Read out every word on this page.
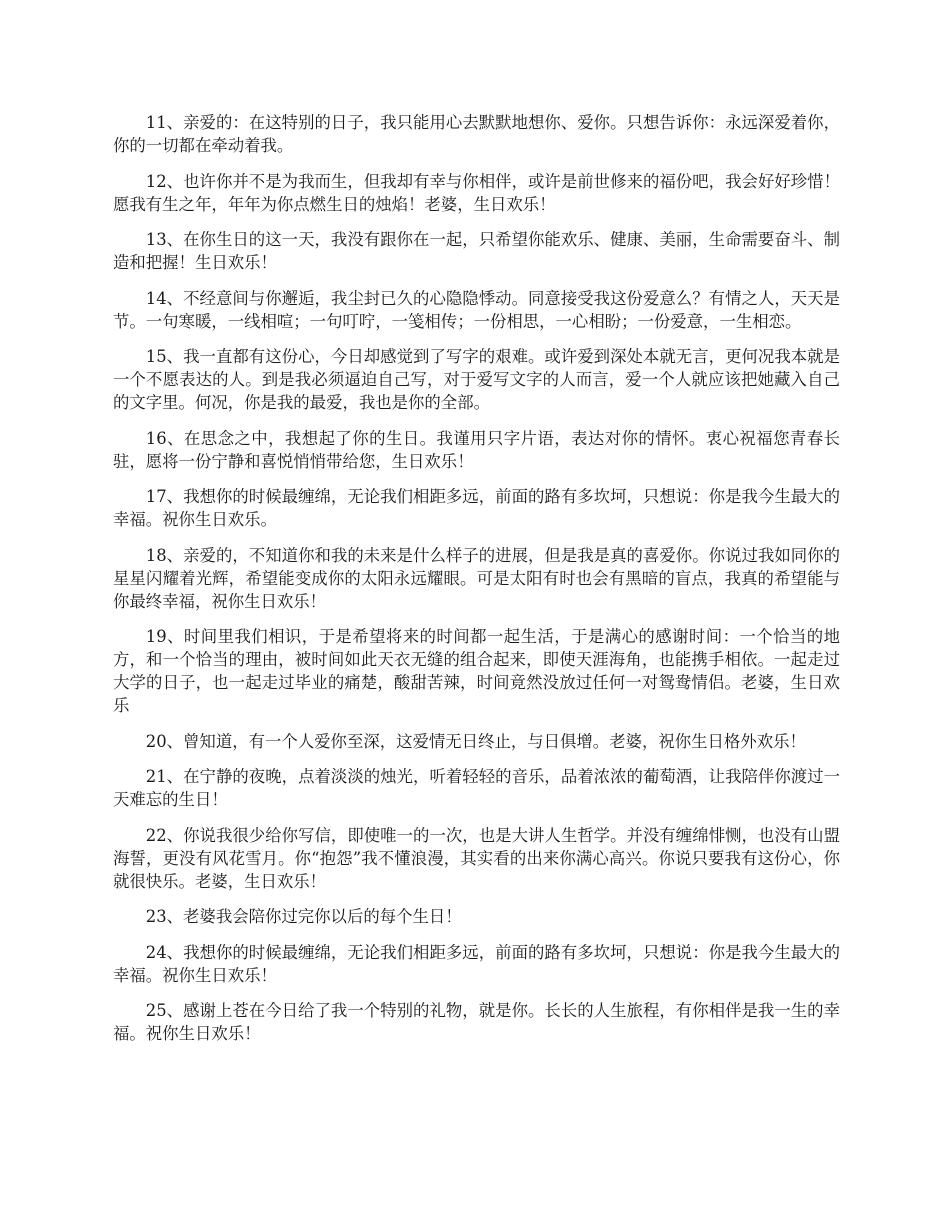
11、亲爱的：在这特别的日子，我只能用心去默默地想你、爱你。只想告诉你：永远深爱着你，你的一切都在牵动着我。

12、也许你并不是为我而生，但我却有幸与你相伴，或许是前世修来的福份吧，我会好好珍惜！愿我有生之年，年年为你点燃生日的烛焰！老婆，生日欢乐！

13、在你生日的这一天，我没有跟你在一起，只希望你能欢乐、健康、美丽，生命需要奋斗、制造和把握！生日欢乐！

14、不经意间与你邂逅，我尘封已久的心隐隐悸动。同意接受我这份爱意么？有情之人，天天是节。一句寒暖，一线相喧；一句叮咛，一笺相传；一份相思，一心相盼；一份爱意，一生相恋。

15、我一直都有这份心，今日却感觉到了写字的艰难。或许爱到深处本就无言，更何况我本就是一个不愿表达的人。到是我必须逼迫自己写，对于爱写文字的人而言，爱一个人就应该把她藏入自己的文字里。何况，你是我的最爱，我也是你的全部。

16、在思念之中，我想起了你的生日。我谨用只字片语，表达对你的情怀。衷心祝福您青春长驻，愿将一份宁静和喜悦悄悄带给您，生日欢乐！

17、我想你的时候最缠绵，无论我们相距多远，前面的路有多坎坷，只想说：你是我今生最大的幸福。祝你生日欢乐。

18、亲爱的，不知道你和我的未来是什么样子的进展，但是我是真的喜爱你。你说过我如同你的星星闪耀着光辉，希望能变成你的太阳永远耀眼。可是太阳有时也会有黑暗的盲点，我真的希望能与你最终幸福，祝你生日欢乐！

19、时间里我们相识，于是希望将来的时间都一起生活，于是满心的感谢时间：一个恰当的地方，和一个恰当的理由，被时间如此天衣无缝的组合起来，即使天涯海角，也能携手相依。一起走过大学的日子，也一起走过毕业的痛楚，酸甜苦辣，时间竟然没放过任何一对鸳鸯情侣。老婆，生日欢乐

20、曾知道，有一个人爱你至深，这爱情无日终止，与日俱增。老婆，祝你生日格外欢乐！

21、在宁静的夜晚，点着淡淡的烛光，听着轻轻的音乐，品着浓浓的葡萄酒，让我陪伴你渡过一天难忘的生日！

22、你说我很少给你写信，即使唯一的一次，也是大讲人生哲学。并没有缠绵悱恻，也没有山盟海誓，更没有风花雪月。你“抱怨”我不懂浪漫，其实看的出来你满心高兴。你说只要我有这份心，你就很快乐。老婆，生日欢乐！

23、老婆我会陪你过完你以后的每个生日！

24、我想你的时候最缠绵，无论我们相距多远，前面的路有多坎坷，只想说：你是我今生最大的幸福。祝你生日欢乐！

25、感谢上苍在今日给了我一个特别的礼物，就是你。长长的人生旅程，有你相伴是我一生的幸福。祝你生日欢乐！
